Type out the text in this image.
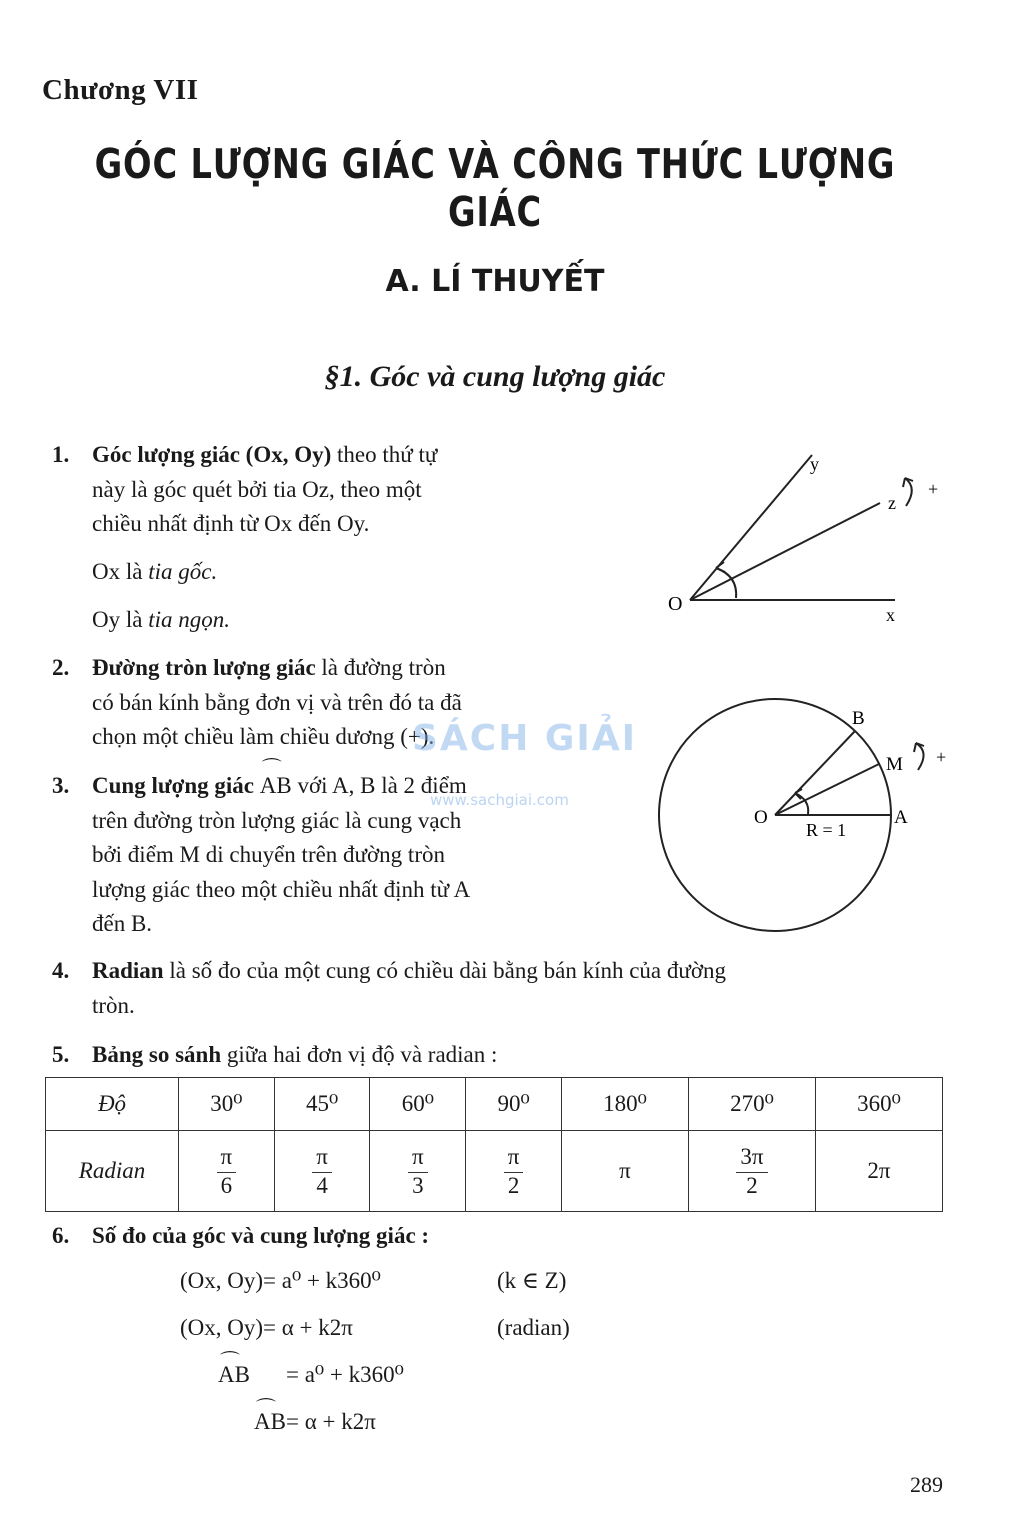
Chương VII
GÓC LƯỢNG GIÁC VÀ CÔNG THỨC LƯỢNG GIÁC
A. LÍ THUYẾT
§1. Góc và cung lượng giác
1. Góc lượng giác (Ox, Oy) theo thứ tự
này là góc quét bởi tia Oz, theo một
chiều nhất định từ Ox đến Oy.
Ox là tia gốc.
Oy là tia ngọn.
y
z
+
O	x
2. Đường tròn lượng giác là đường tròn
có bán kính bằng đơn vị và trên đó ta đã
chọn một chiều làm chiều dương (+).
3. Cung lượng giác ⌒ AB với A, B là 2 điểm
trên đường tròn lượng giác là cung vạch
bởi điểm M di chuyển trên đường tròn
lượng giác theo một chiều nhất định từ A
đến B.
B
M +
O
R = 1
A
SÁCH GIẢI
www.sachgiai.com
4. Radian là số đo của một cung có chiều dài bằng bán kính của đường
tròn.
5. Bảng so sánh giữa hai đơn vị độ và radian :
Độ	30⁰	45⁰	60⁰	90⁰	180⁰	270⁰	360⁰
Radian	$\frac{\pi}{6}$	$\frac{\pi}{4}$	$\frac{\pi}{3}$	$\frac{\pi}{2}$	π	$\frac{3\pi}{2}$	2π
6. Số đo của góc và cung lượng giác :
(Ox, Oy)= a⁰ + k360⁰	(k ∈ Z)
(Ox, Oy)= α + k2π	(radian)
⌒ AB = a⁰ + k360⁰
⌒ AB = α + k2π
289
